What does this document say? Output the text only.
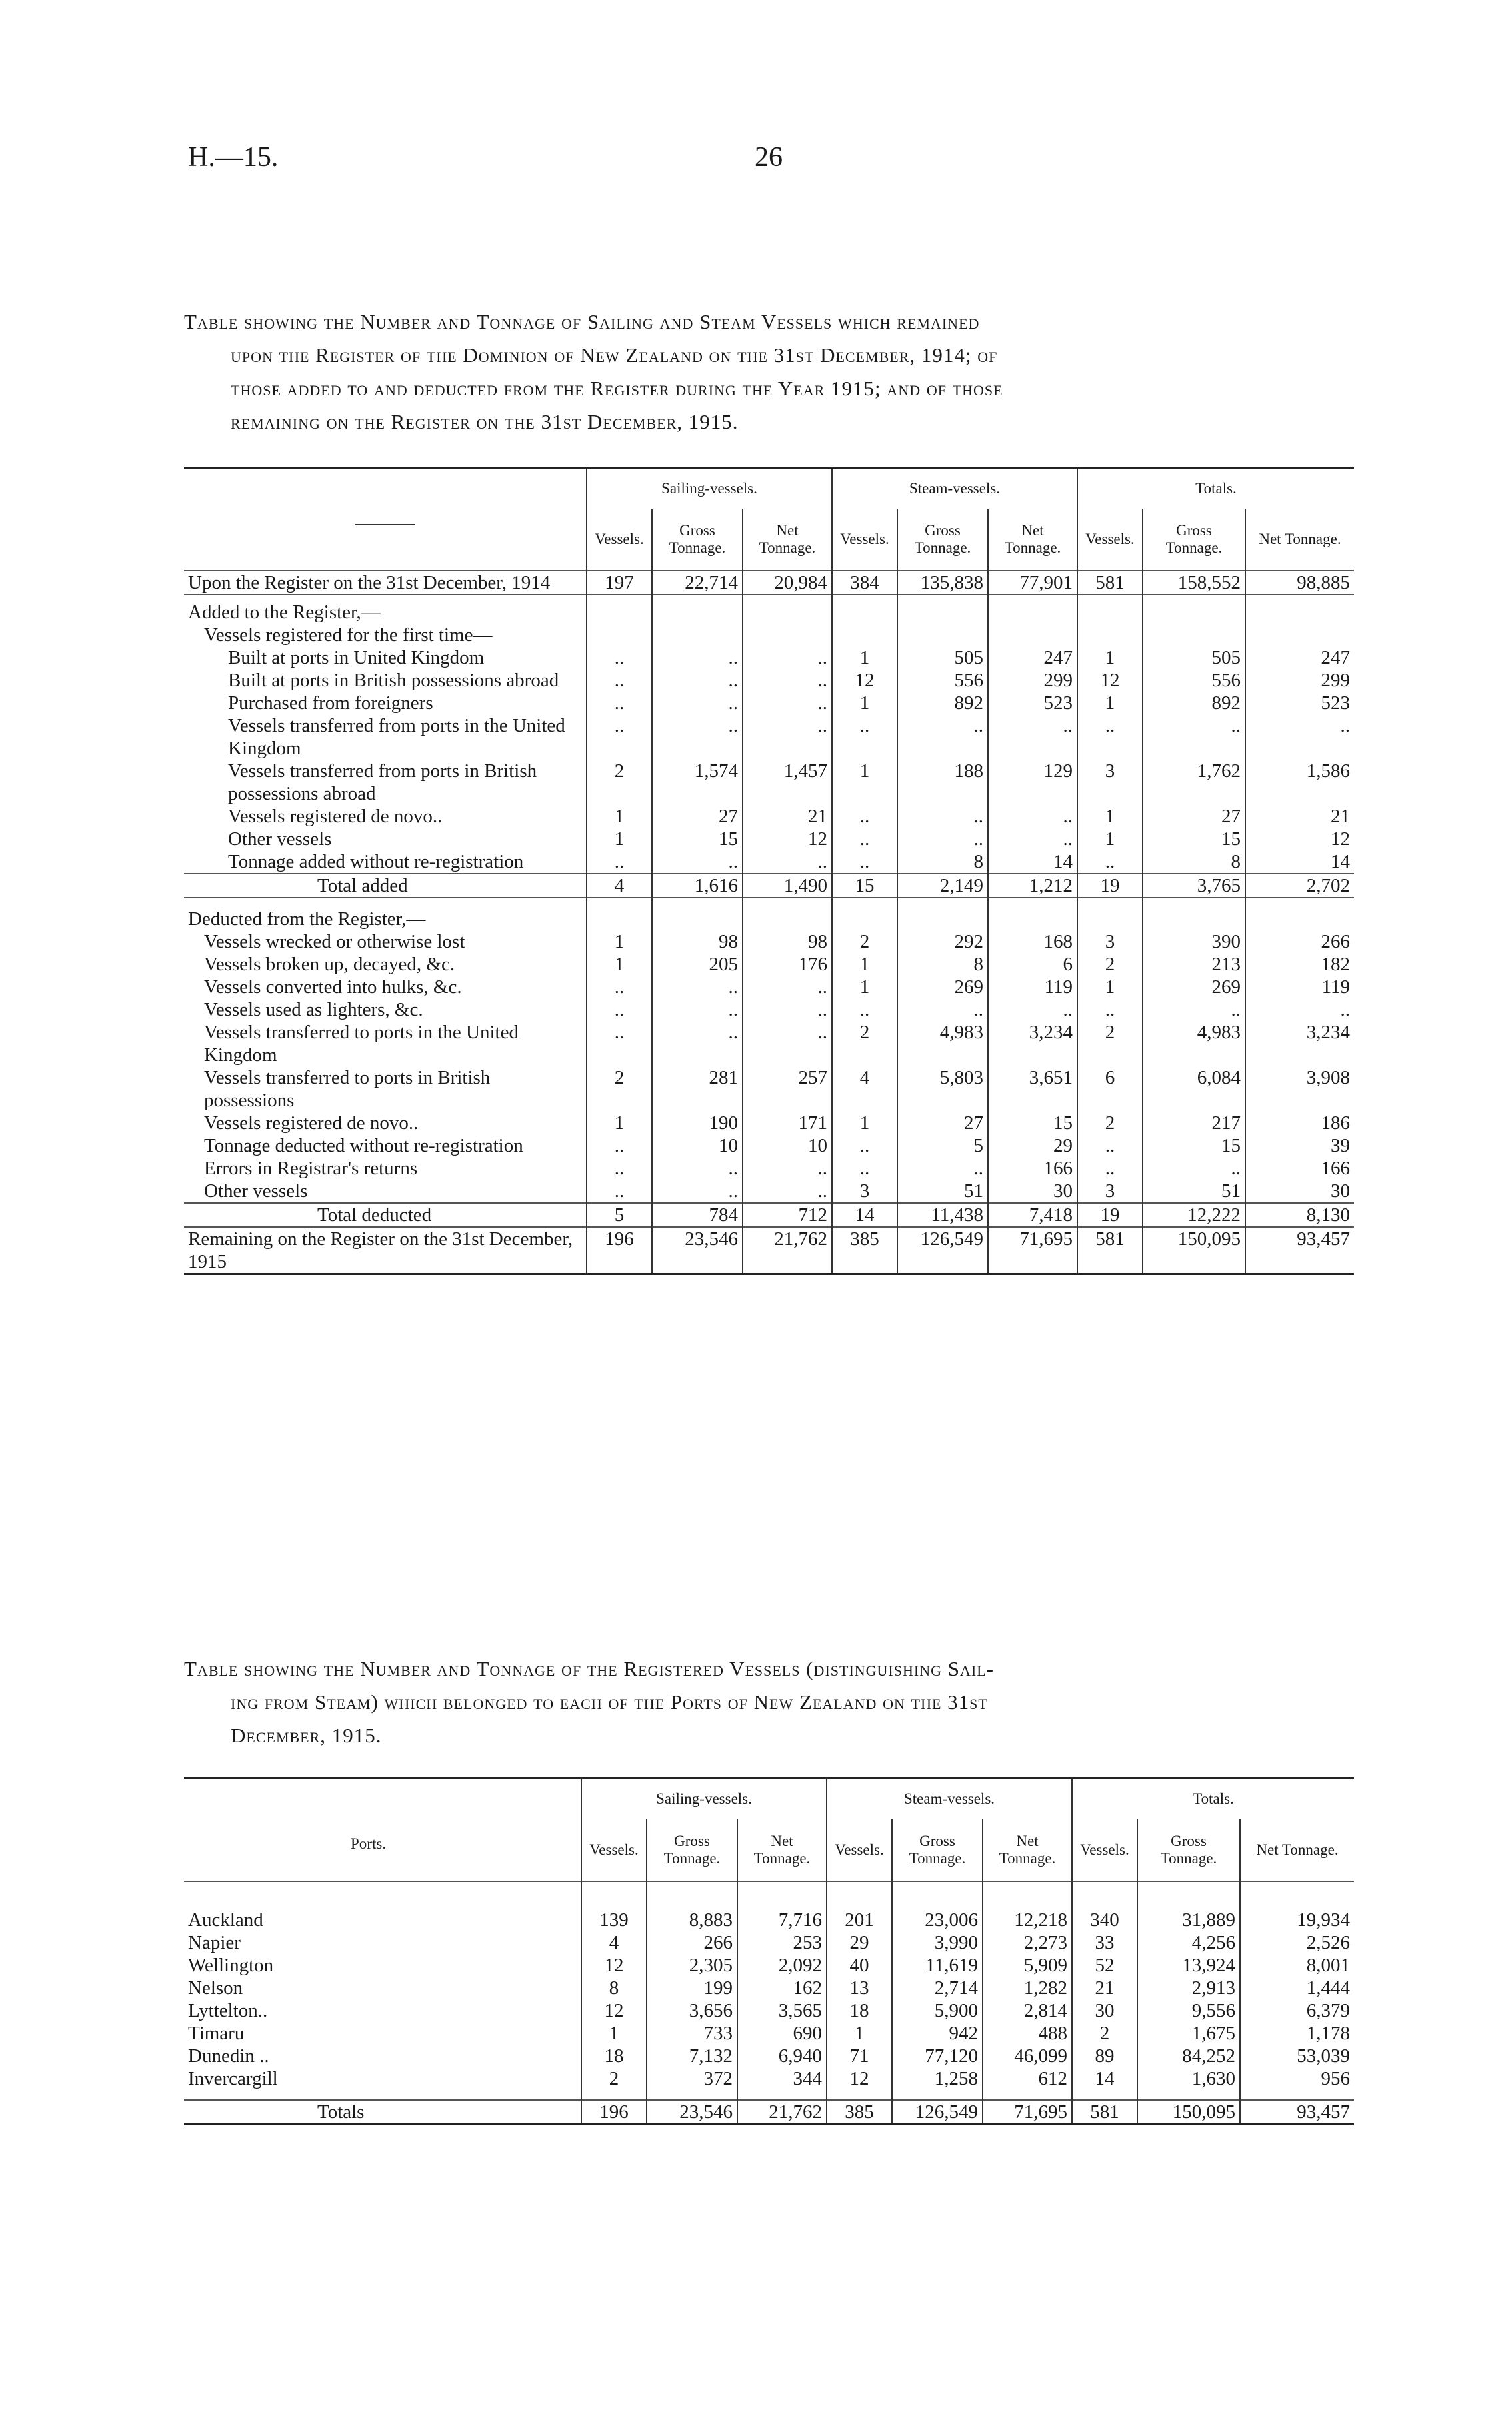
H.—15.	26
Table showing the Number and Tonnage of Sailing and Steam Vessels which remained
upon the Register of the Dominion of New Zealand on the 31st December, 1914; of
those added to and deducted from the Register during the Year 1915; and of those
remaining on the Register on the 31st December, 1915.
	Sailing-vessels.			Steam-vessels.			Totals.		
	Vessels.	Gross Tonnage.	Net Tonnage.	Vessels.	Gross Tonnage.	Net Tonnage.	Vessels.	Gross Tonnage.	Net Tonnage.
Upon the Register on the 31st December, 1914	197	22,714	20,984	384	135,838	77,901	581	158,552	98,885
Added to the Register,—									
Vessels registered for the first time—									
Built at ports in United Kingdom	..	..	..	1	505	247	1	505	247
Built at ports in British possessions abroad	..	..	..	12	556	299	12	556	299
Purchased from foreigners	..	..	..	1	892	523	1	892	523
Vessels transferred from ports in the United Kingdom	..	..	..	..	..	..	..	..	..
Vessels transferred from ports in British possessions abroad	2	1,574	1,457	1	188	129	3	1,762	1,586
Vessels registered de novo..	1	27	21	..	..	..	1	27	21
Other vessels	1	15	12	..	..	..	1	15	12
Tonnage added without re-registration	..	..	..	..	8	14	..	8	14
Total added	4	1,616	1,490	15	2,149	1,212	19	3,765	2,702
Deducted from the Register,—									
Vessels wrecked or otherwise lost	1	98	98	2	292	168	3	390	266
Vessels broken up, decayed, &c.	1	205	176	1	8	6	2	213	182
Vessels converted into hulks, &c.	..	..	..	1	269	119	1	269	119
Vessels used as lighters, &c.	..	..	..	..	..	..	..	..	..
Vessels transferred to ports in the United Kingdom	..	..	..	2	4,983	3,234	2	4,983	3,234
Vessels transferred to ports in British possessions	2	281	257	4	5,803	3,651	6	6,084	3,908
Vessels registered de novo..	1	190	171	1	27	15	2	217	186
Tonnage deducted without re-registration	..	10	10	..	5	29	..	15	39
Errors in Registrar's returns	..	..	..	..	..	166	..	..	166
Other vessels	..	..	..	3	51	30	3	51	30
Total deducted	5	784	712	14	11,438	7,418	19	12,222	8,130
Remaining on the Register on the 31st December, 1915	196	23,546	21,762	385	126,549	71,695	581	150,095	93,457
Table showing the Number and Tonnage of the Registered Vessels (distinguishing Sail-
ing from Steam) which belonged to each of the Ports of New Zealand on the 31st
December, 1915.
Ports.	Sailing-vessels.			Steam-vessels.			Totals.		
	Vessels.	Gross Tonnage.	Net Tonnage.	Vessels.	Gross Tonnage.	Net Tonnage.	Vessels.	Gross Tonnage.	Net Tonnage.
Auckland	139	8,883	7,716	201	23,006	12,218	340	31,889	19,934
Napier	4	266	253	29	3,990	2,273	33	4,256	2,526
Wellington	12	2,305	2,092	40	11,619	5,909	52	13,924	8,001
Nelson	8	199	162	13	2,714	1,282	21	2,913	1,444
Lyttelton..	12	3,656	3,565	18	5,900	2,814	30	9,556	6,379
Timaru	1	733	690	1	942	488	2	1,675	1,178
Dunedin ..	18	7,132	6,940	71	77,120	46,099	89	84,252	53,039
Invercargill	2	372	344	12	1,258	612	14	1,630	956
Totals	196	23,546	21,762	385	126,549	71,695	581	150,095	93,457
